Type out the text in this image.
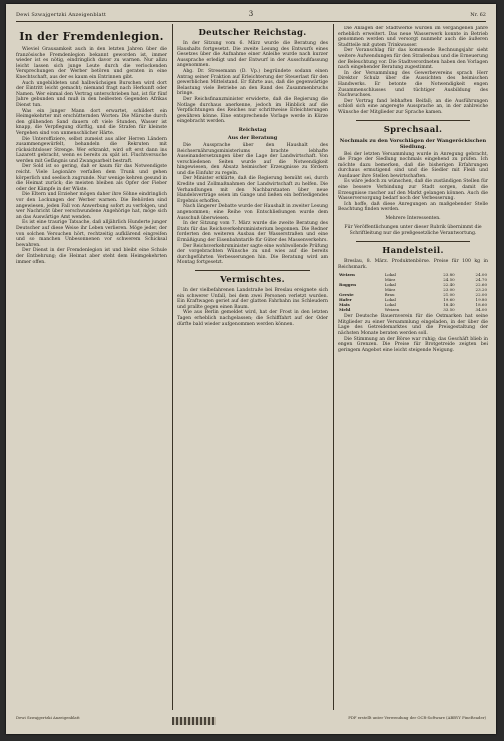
Dewi Szwajgertzki Anzeigenblatt	3	Nr. 62
In der Fremdenlegion.

Wieviel Grausamkeit auch in den letzten Jahren über die französische Fremdenlegion bekannt geworden ist, immer wieder ist es nötig, eindringlich davor zu warnen. Nur allzu leicht lassen sich junge Leute durch die verlockenden Versprechungen der Werber betören und geraten in eine Knechtschaft, aus der es kaum ein Entrinnen gibt.

Auch ungebildeten und halbwüchsigen Burschen wird dort der Eintritt leicht gemacht; niemand fragt nach Herkunft oder Namen. Wer einmal den Vertrag unterschrieben hat, ist für fünf Jahre gebunden und muß in den heißesten Gegenden Afrikas Dienst tun.

Was ein junger Mann dort erwartet, schildert ein Heimgekehrter mit erschütternden Worten: Die Märsche durch den glühenden Sand dauern oft viele Stunden, Wasser ist knapp, die Verpflegung dürftig, und die Strafen für kleinste Vergehen sind von unmenschlicher Härte.

Die Unteroffiziere, selbst zumeist aus aller Herren Ländern zusammengewürfelt, behandeln die Rekruten mit rücksichtsloser Strenge. Wer erkrankt, wird oft erst dann ins Lazarett gebracht, wenn es bereits zu spät ist. Fluchtversuche werden mit Gefängnis und Zwangsarbeit bestraft.

Der Sold ist so gering, daß er kaum für das Notwendigste reicht. Viele Legionäre verfallen dem Trunk und gehen körperlich und seelisch zugrunde. Nur wenige kehren gesund in die Heimat zurück; die meisten bleiben als Opfer der Fieber oder der Kämpfe in der Wüste.

Die Eltern und Erzieher mögen daher ihre Söhne eindringlich vor den Lockungen der Werber warnen. Die Behörden sind angewiesen, jeden Fall von Anwerbung sofort zu verfolgen, und wer Nachricht über verschwundene Angehörige hat, möge sich an das Auswärtige Amt wenden.

Es ist eine traurige Tatsache, daß alljährlich Hunderte junger Deutscher auf diese Weise ihr Leben verlieren. Möge jeder, der von solchen Versuchen hört, rechtzeitig aufklärend eingreifen und so manchen Unbesonnenen vor schwerem Schicksal bewahren.

Der Dienst in der Fremdenlegion ist und bleibt eine Schule der Entbehrung; die Heimat aber steht dem Heimgekehrten immer offen.

Deutscher Reichstag.

In der Sitzung vom 6. März wurde die Beratung des Haushalts fortgesetzt. Die zweite Lesung des Entwurfs eines Gesetzes über die Aufnahme einer Anleihe wurde nach kurzer Aussprache erledigt und der Entwurf in der Ausschußfassung angenommen.

Abg. Dr. Stresemann (D. Vp.) begründete sodann einen Antrag seiner Fraktion auf Erleichterung der Steuerlast für den gewerblichen Mittelstand. Er führte aus, daß die gegenwärtige Belastung viele Betriebe an den Rand des Zusammenbruchs bringe.

Der Reichsfinanzminister erwiderte, daß die Regierung die Notlage durchaus anerkenne, jedoch im Hinblick auf die Verpflichtungen des Reiches nur schrittweise Erleichterungen gewähren könne. Eine entsprechende Vorlage werde in Kürze eingebracht werden.

Reichstag
Aus der Beratung

Die Aussprache über den Haushalt des Reichsernährungsministeriums brachte lebhafte Auseinandersetzungen über die Lage der Landwirtschaft. Von verschiedenen Seiten wurde auf die Notwendigkeit hingewiesen, den Absatz heimischer Erzeugnisse zu fördern und die Einfuhr zu regeln.

Der Minister erklärte, daß die Regierung bemüht sei, durch Kredite und Zollmaßnahmen der Landwirtschaft zu helfen. Die Verhandlungen mit den Nachbarstaaten über neue Handelsverträge seien im Gange und ließen ein befriedigendes Ergebnis erhoffen.

Nach längerer Debatte wurde der Haushalt in zweiter Lesung angenommen; eine Reihe von Entschließungen wurde dem Ausschuß überwiesen.

In der Sitzung vom 7. März wurde die zweite Beratung des Etats für das Reichsverkehrsministerium begonnen. Die Redner forderten den weiteren Ausbau der Wasserstraßen und eine Ermäßigung der Eisenbahntarife für Güter des Massenverkehrs.

Der Reichsverkehrsminister sagte eine wohlwollende Prüfung der vorgebrachten Wünsche zu und wies auf die bereits durchgeführten Verbesserungen hin. Die Beratung wird am Montag fortgesetzt.

Vermischtes.

In der vielbefahrenen Landstraße bei Breslau ereignete sich ein schwerer Unfall, bei dem zwei Personen verletzt wurden. Ein Kraftwagen geriet auf der glatten Fahrbahn ins Schleudern und prallte gegen einen Baum.

Wie aus Berlin gemeldet wird, hat der Frost in den letzten Tagen erheblich nachgelassen; die Schifffahrt auf der Oder dürfte bald wieder aufgenommen werden können.

Die Anlagen der Stadtwerke wurden im vergangenen Jahre erheblich erweitert. Das neue Wasserwerk konnte in Betrieb genommen werden und versorgt nunmehr auch die äußeren Stadtteile mit gutem Trinkwasser.

Der Voranschlag für das kommende Rechnungsjahr sieht weitere Aufwendungen für den Straßenbau und die Erneuerung der Beleuchtung vor. Die Stadtverordneten haben den Vorlagen nach eingehender Beratung zugestimmt.

In der Versammlung des Gewerbevereins sprach Herr Direktor Schulz über die Aussichten des heimischen Handwerks. Er betonte die Notwendigkeit engen Zusammenschlusses und tüchtiger Ausbildung des Nachwuchses.

Der Vortrag fand lebhaften Beifall; an die Ausführungen schloß sich eine angeregte Aussprache an, in der zahlreiche Wünsche der Mitglieder zur Sprache kamen.

Sprechsaal.
Nochmals zu den Vorschlägen der Wangeröckischen Siedlung.

Bei der letzten Versammlung wurde in Anregung gebracht, die Frage der Siedlung nochmals eingehend zu prüfen. Ich möchte dazu bemerken, daß die bisherigen Erfahrungen durchaus ermutigend sind und die Siedler mit Fleiß und Ausdauer ihre Stellen bewirtschaften.

Es wäre jedoch zu wünschen, daß die zuständigen Stellen für eine bessere Verbindung zur Stadt sorgen, damit die Erzeugnisse rascher auf den Markt gelangen können. Auch die Wasserversorgung bedarf noch der Verbesserung.

Ich hoffe, daß diese Anregungen an maßgebender Stelle Beachtung finden werden.

Mehrere Interessenten.
Für Veröffentlichungen unter dieser Rubrik übernimmt die Schriftleitung nur die preßgesetzliche Verantwortung.
Handelsteil.

Breslau, 8. März. Produktenbörse. Preise für 100 kg in Reichsmark.

Weizen	Lokal	23.80	24.00
	März	24.50	24.70
Roggen	Lokal	22.40	22.60
	März	23.00	23.20
Gerste	Brau	21.00	22.00
Hafer	Lokal	19.60	19.80
Mais	Lokal	18.40	18.60
Mehl	Weizen	33.50	34.00

Der Deutsche Bauernverein für die Ostmarken hat seine Mitglieder zu einer Versammlung eingeladen, in der über die Lage des Getreidemarktes und die Preisgestaltung der nächsten Monate beraten werden soll.

Die Stimmung an der Börse war ruhig; das Geschäft blieb in engen Grenzen. Die Preise für Brotgetreide zeigten bei geringem Angebot eine leicht steigende Neigung.

Dewi Szwajgertzki Anzeigenblatt	PDF erstellt unter Verwendung der OCR-Software (ABBYY FineReader)
